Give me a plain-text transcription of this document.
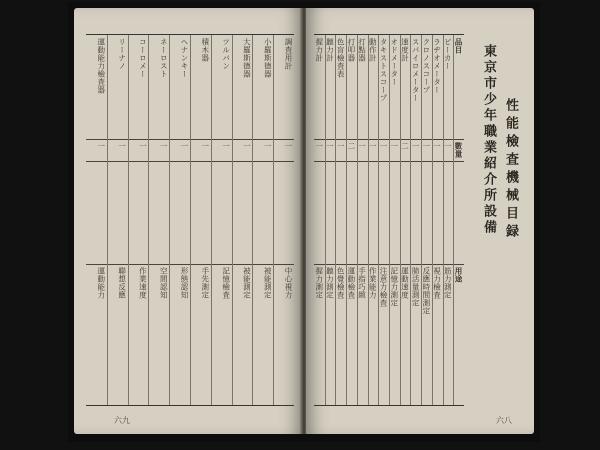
調査用計
一
中心視力
小羅斯德器
一
被能測定
大羅斯德器
一
被能測定
ツルバン
一
記憶檢査
積木器
一
手先測定
ヘナンキー
一
形態認知
ネーロスト
一
空間認知
コーロメー
一
作業速度
リーナノ
一
聯想反應
運動能力檢査器
一
運動能力
六九
東京市少年職業紹介所設備 性能檢査機械目録
品目
數量
用途
ビーカー
一
筋力測定
ラヂオメーター
一
視力檢査
クロノスコープ
一
反應時間測定
スパイロメーター
一
肺活量測定
速度計
二
運動速度
オドメーター
一
記憶力測定
タキストスコープ
一
注意力檢査
動作計
一
作業能力
打點器
一
手指巧緻
打叩器
二
運動檢査
色盲檢査表
一
色覺檢査
聽力計
一
聽力測定
握力計
一
握力測定
六八
